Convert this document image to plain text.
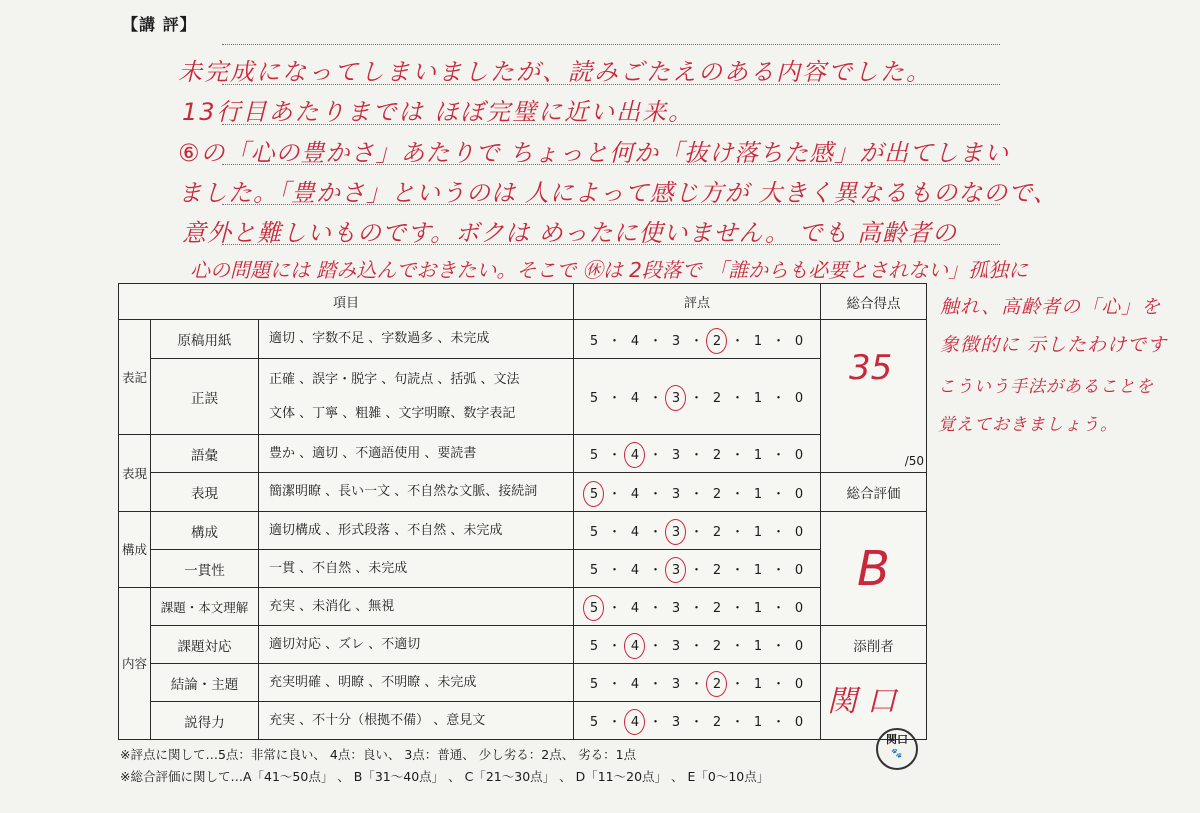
【講 評】
未完成になってしまいましたが、読みごたえのある内容でした。
13行目あたりまでは ほぼ完璧に近い出来。
⑥の「心の豊かさ」あたりで ちょっと何か「抜け落ちた感」が出てしまい
ました。「豊かさ」というのは 人によって感じ方が 大きく異なるものなので、
意外と難しいものです。ボクは めったに使いません。 でも 高齢者の
心の問題には 踏み込んでおきたい。そこで ㊡は 2段落で 「誰からも必要とされない」孤独に
触れ、高齢者の「心」を
象徴的に 示したわけです
こういう手法があることを
覚えておきましょう。
項目			評点	総合得点
表記	原稿用紙	適切 、字数不足 、字数過多 、未完成	5 ・ 4 ・ 3 ・ 2 ・ 1 ・ 0	35
/50

	正誤	正確 、誤字・脱字 、句読点 、括弧 、文法
文体 、丁寧 、粗雑 、文字明瞭、数字表記	5 ・ 4 ・ 3 ・ 2 ・ 1 ・ 0	
表現	語彙	豊か 、適切 、不適語使用 、要読書	5 ・ 4 ・ 3 ・ 2 ・ 1 ・ 0	
	表現	簡潔明瞭 、長い一文 、不自然な文脈、接続詞	5 ・ 4 ・ 3 ・ 2 ・ 1 ・ 0	総合評価
構成	構成	適切構成 、形式段落 、不自然 、未完成	5 ・ 4 ・ 3 ・ 2 ・ 1 ・ 0	B
	一貫性	一貫 、不自然 、未完成	5 ・ 4 ・ 3 ・ 2 ・ 1 ・ 0	
内容	課題・本文理解	充実 、未消化 、無視	5 ・ 4 ・ 3 ・ 2 ・ 1 ・ 0	
	課題対応	適切対応 、ズレ 、不適切	5 ・ 4 ・ 3 ・ 2 ・ 1 ・ 0	添削者
	結論・主題	充実明確 、明瞭 、不明瞭 、未完成	5 ・ 4 ・ 3 ・ 2 ・ 1 ・ 0	関 口
関口
🐾

	説得力	充実 、不十分（根拠不備） 、意見文	5 ・ 4 ・ 3 ・ 2 ・ 1 ・ 0	
※評点に関して…5点：非常に良い、 4点：良い、 3点：普通、 少し劣る：2点、 劣る：1点
※総合評価に関して…A「41～50点」 、 B「31～40点」 、 C「21～30点」 、 D「11～20点」 、 E「0～10点」
